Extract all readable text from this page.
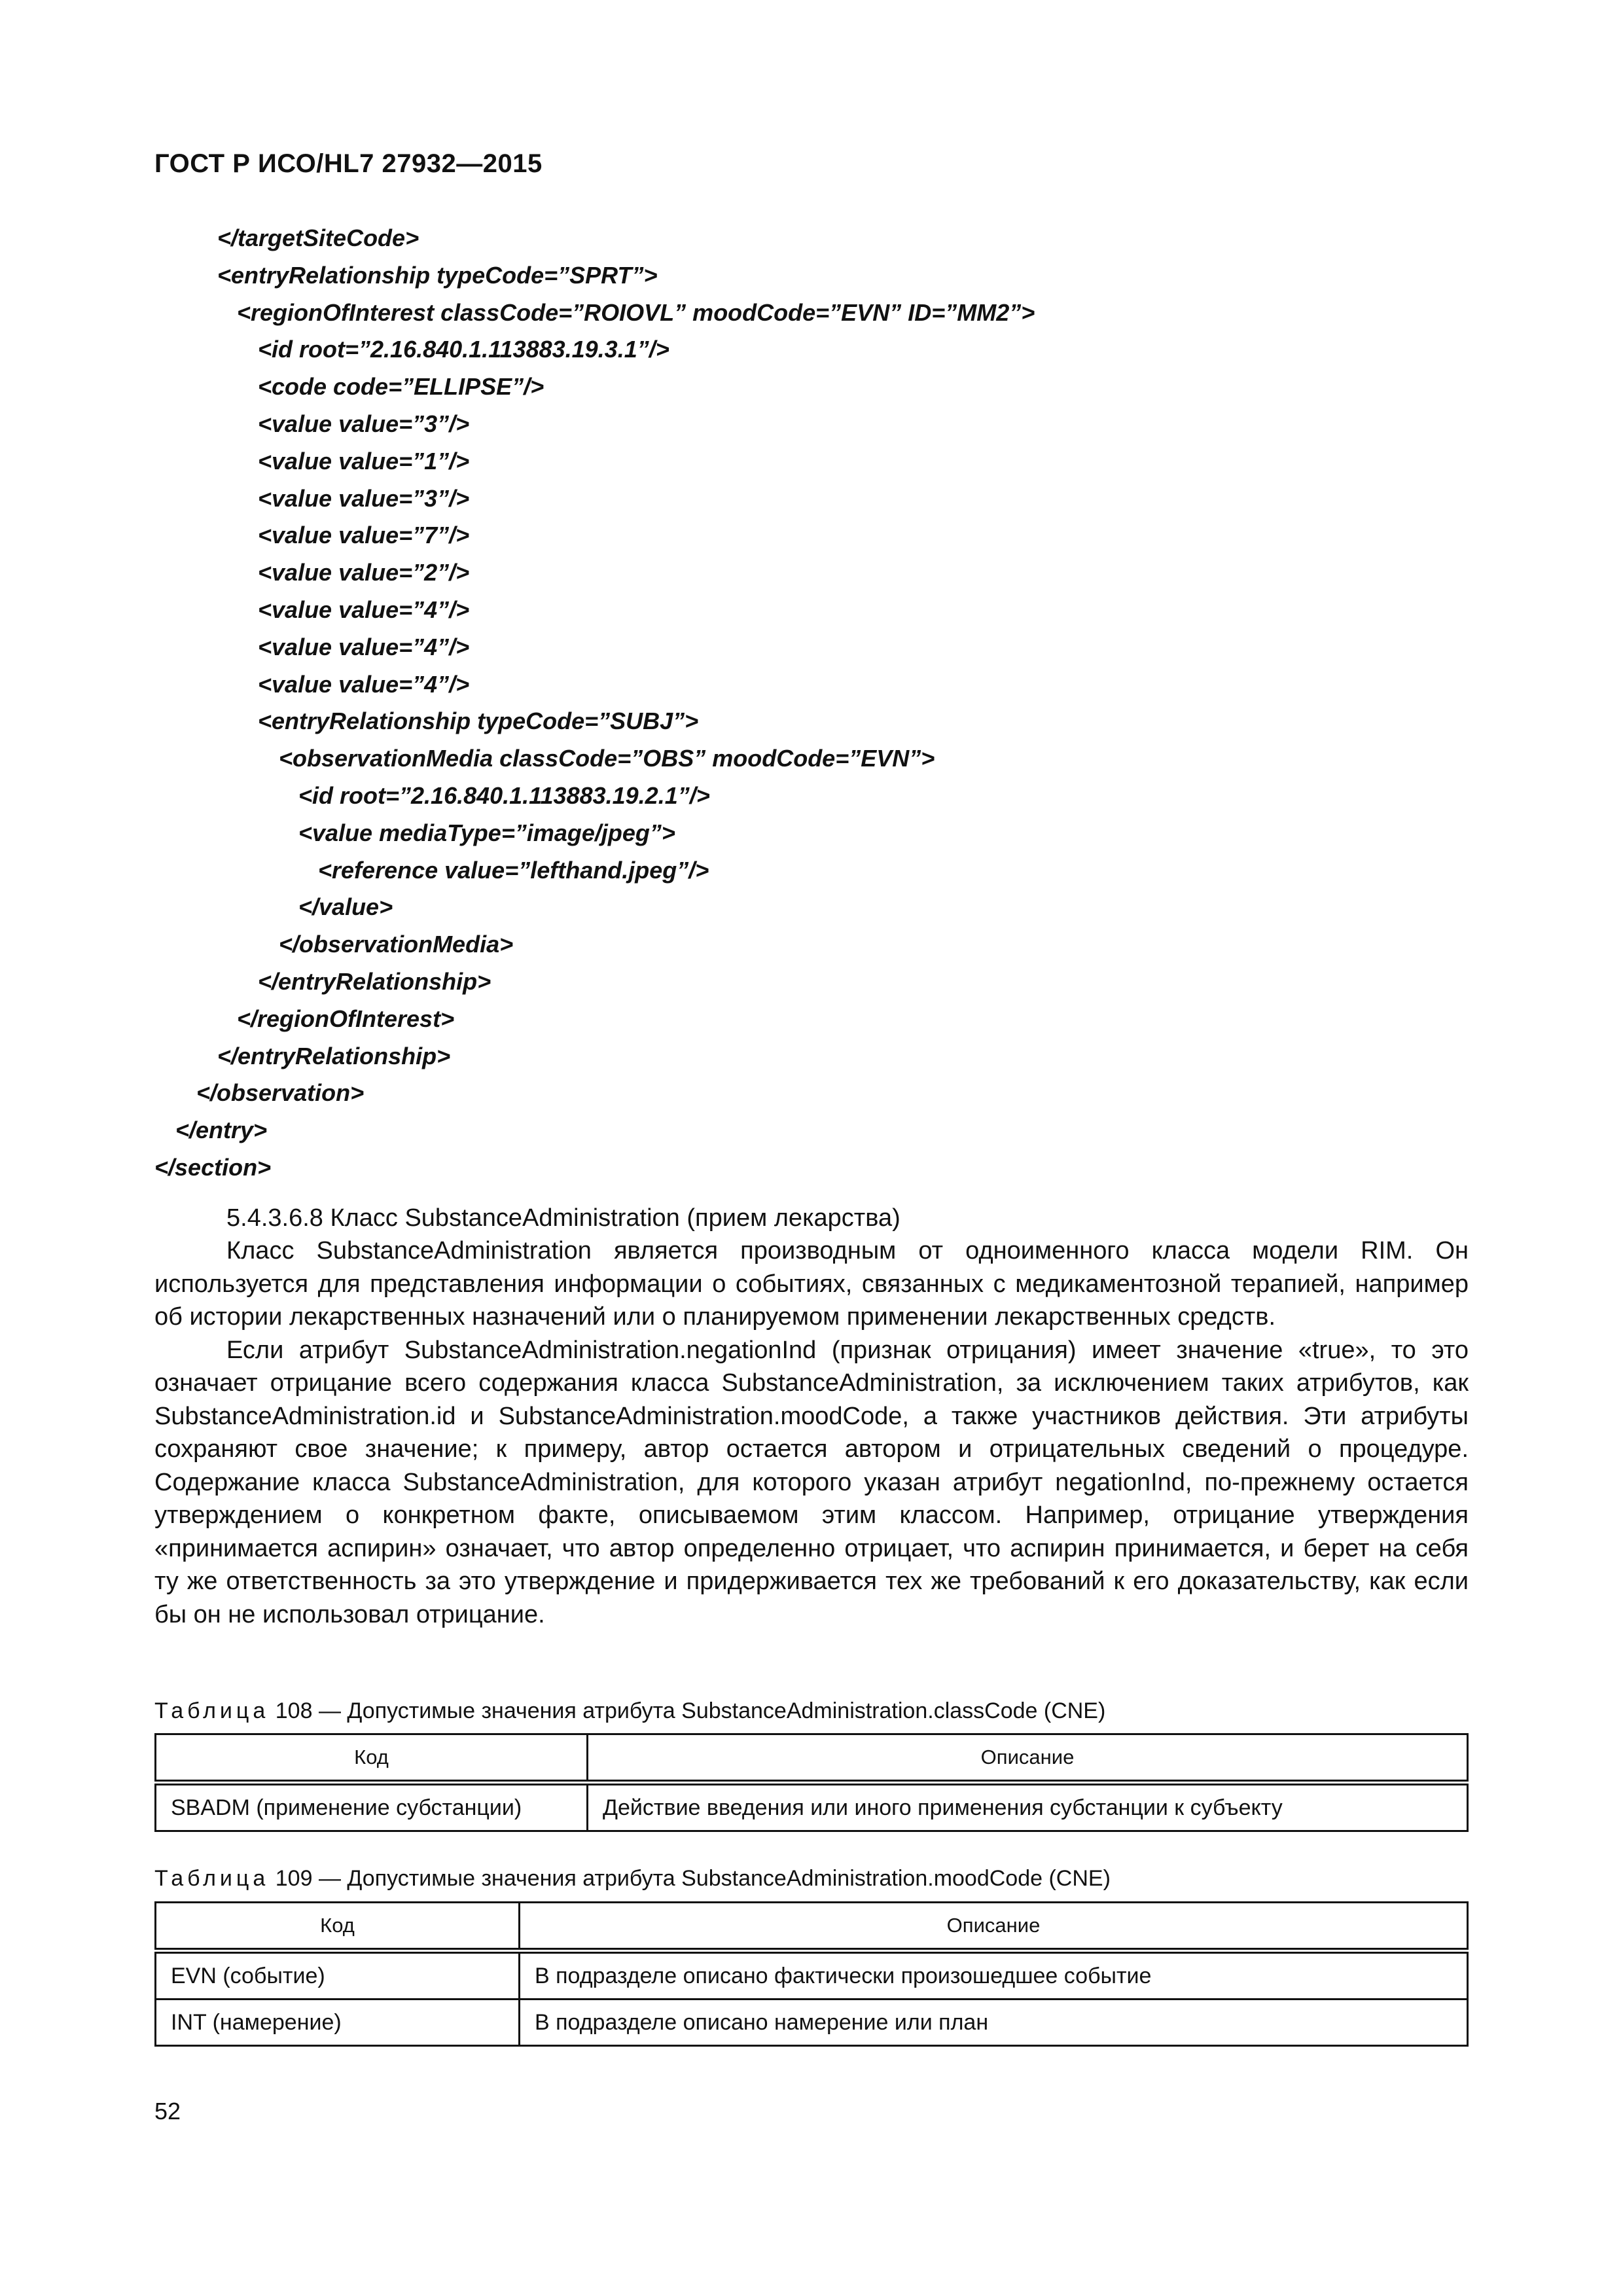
ГОСТ Р ИСО/HL7 27932—2015
</targetSiteCode>
<entryRelationship typeCode=”SPRT”>
<regionOfInterest classCode=”ROIOVL” moodCode=”EVN” ID=”MM2”>
<id root=”2.16.840.1.113883.19.3.1”/>
<code code=”ELLIPSE”/>
<value value=”3”/>
<value value=”1”/>
<value value=”3”/>
<value value=”7”/>
<value value=”2”/>
<value value=”4”/>
<value value=”4”/>
<value value=”4”/>
<entryRelationship typeCode=”SUBJ”>
<observationMedia classCode=”OBS” moodCode=”EVN”>
<id root=”2.16.840.1.113883.19.2.1”/>
<value mediaType=”image/jpeg”>
<reference value=”lefthand.jpeg”/>
</value>
</observationMedia>
</entryRelationship>
</regionOfInterest>
</entryRelationship>
</observation>
</entry>
</section>
5.4.3.6.8 Класс SubstanceAdministration (прием лекарства)

Класс SubstanceAdministration является производным от одноименного класса модели RIM. Он используется для представления информации о событиях, связанных с медикаментозной терапией, например об истории лекарственных назначений или о планируемом применении лекарственных средств.

Если атрибут SubstanceAdministration.negationInd (признак отрицания) имеет значение «true», то это означает отрицание всего содержания класса SubstanceAdministration, за исключением таких атрибутов, как SubstanceAdministration.id и SubstanceAdministration.moodCode, а также участников действия. Эти атрибуты сохраняют свое значение; к примеру, автор остается автором и отрицательных сведений о процедуре. Содержание класса SubstanceAdministration, для которого указан атрибут negationInd, по-прежнему остается утверждением о конкретном факте, описываемом этим классом. Например, отрицание утверждения «принимается аспирин» означает, что автор определенно отрицает, что аспирин принимается, и берет на себя ту же ответственность за это утверждение и придерживается тех же требований к его доказательству, как если бы он не использовал отрицание.

Таблица 108 — Допустимые значения атрибута SubstanceAdministration.classCode (CNE)
Код	Описание
SBADM (применение субстанции)	Действие введения или иного применения субстанции к субъекту
Таблица 109 — Допустимые значения атрибута SubstanceAdministration.moodCode (CNE)
Код	Описание
EVN (событие)	В подразделе описано фактически произошедшее событие
INT (намерение)	В подразделе описано намерение или план
52
